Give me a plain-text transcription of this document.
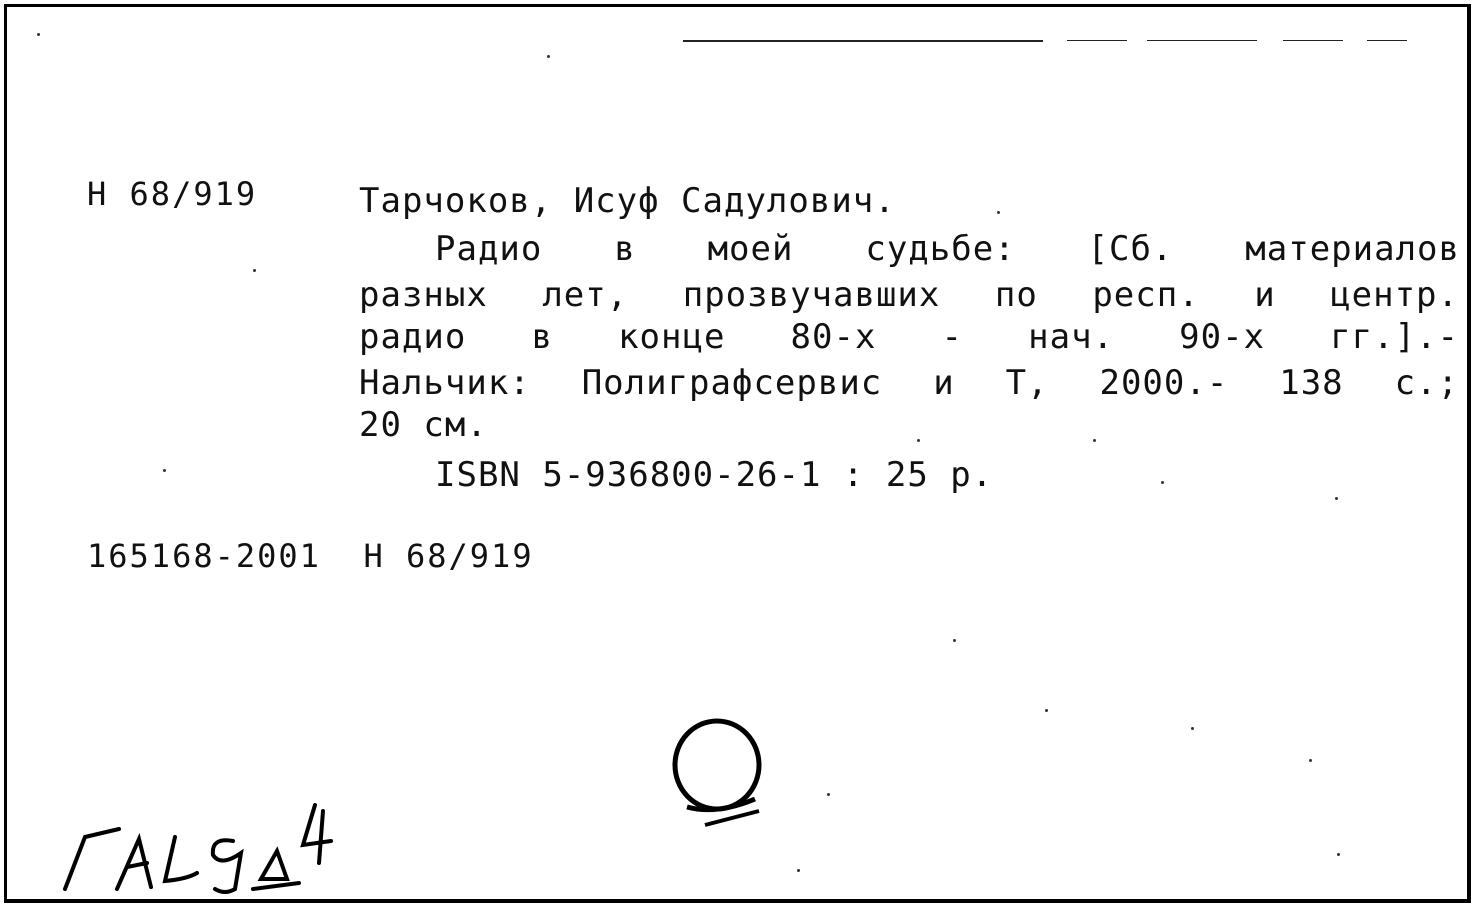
Н 68/919	Тарчоков, Исуф Садулович.
Радио в моей судьбе: [Сб. материалов
разных лет, прозвучавших по респ. и центр.
радио в конце 80-х - нач. 90-х гг.].-
Нальчик: Полиграфсервис и Т, 2000.- 138 с.;
20 см.
ISBN 5-936800-26-1 : 25 р.
165168-2001  Н 68/919
